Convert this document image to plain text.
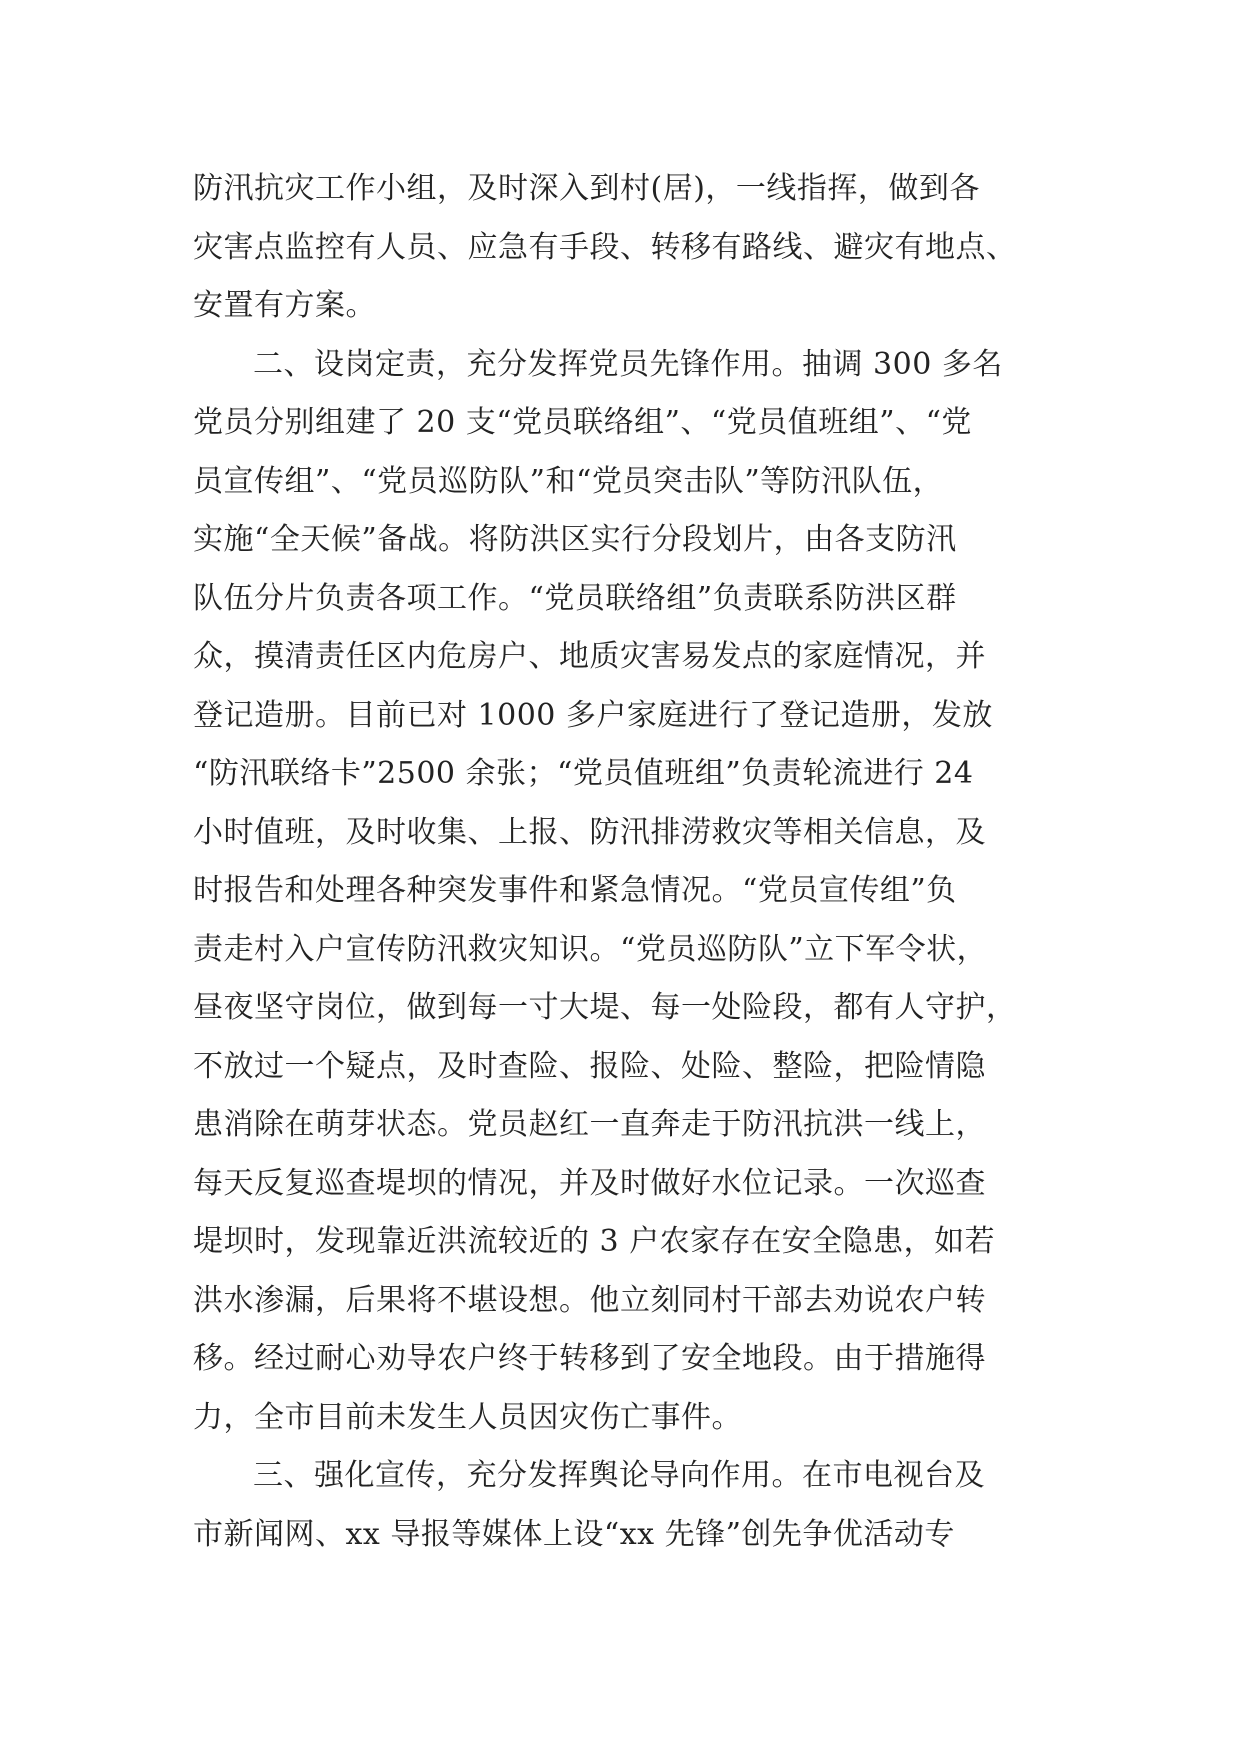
防汛抗灾工作小组，及时深入到村(居)，一线指挥，做到各
灾害点监控有人员、应急有手段、转移有路线、避灾有地点、
安置有方案。
二、设岗定责，充分发挥党员先锋作用。抽调 300 多名
党员分别组建了 20 支“党员联络组”、“党员值班组”、“党
员宣传组”、“党员巡防队”和“党员突击队”等防汛队伍，
实施“全天候”备战。将防洪区实行分段划片，由各支防汛
队伍分片负责各项工作。“党员联络组”负责联系防洪区群
众，摸清责任区内危房户、地质灾害易发点的家庭情况，并
登记造册。目前已对 1000 多户家庭进行了登记造册，发放
“防汛联络卡”2500 余张；“党员值班组”负责轮流进行 24
小时值班，及时收集、上报、防汛排涝救灾等相关信息，及
时报告和处理各种突发事件和紧急情况。“党员宣传组”负
责走村入户宣传防汛救灾知识。“党员巡防队”立下军令状，
昼夜坚守岗位，做到每一寸大堤、每一处险段，都有人守护，
不放过一个疑点，及时查险、报险、处险、整险，把险情隐
患消除在萌芽状态。党员赵红一直奔走于防汛抗洪一线上，
每天反复巡查堤坝的情况，并及时做好水位记录。一次巡查
堤坝时，发现靠近洪流较近的 3 户农家存在安全隐患，如若
洪水渗漏，后果将不堪设想。他立刻同村干部去劝说农户转
移。经过耐心劝导农户终于转移到了安全地段。由于措施得
力，全市目前未发生人员因灾伤亡事件。
三、强化宣传，充分发挥舆论导向作用。在市电视台及
市新闻网、xx 导报等媒体上设“xx 先锋”创先争优活动专
